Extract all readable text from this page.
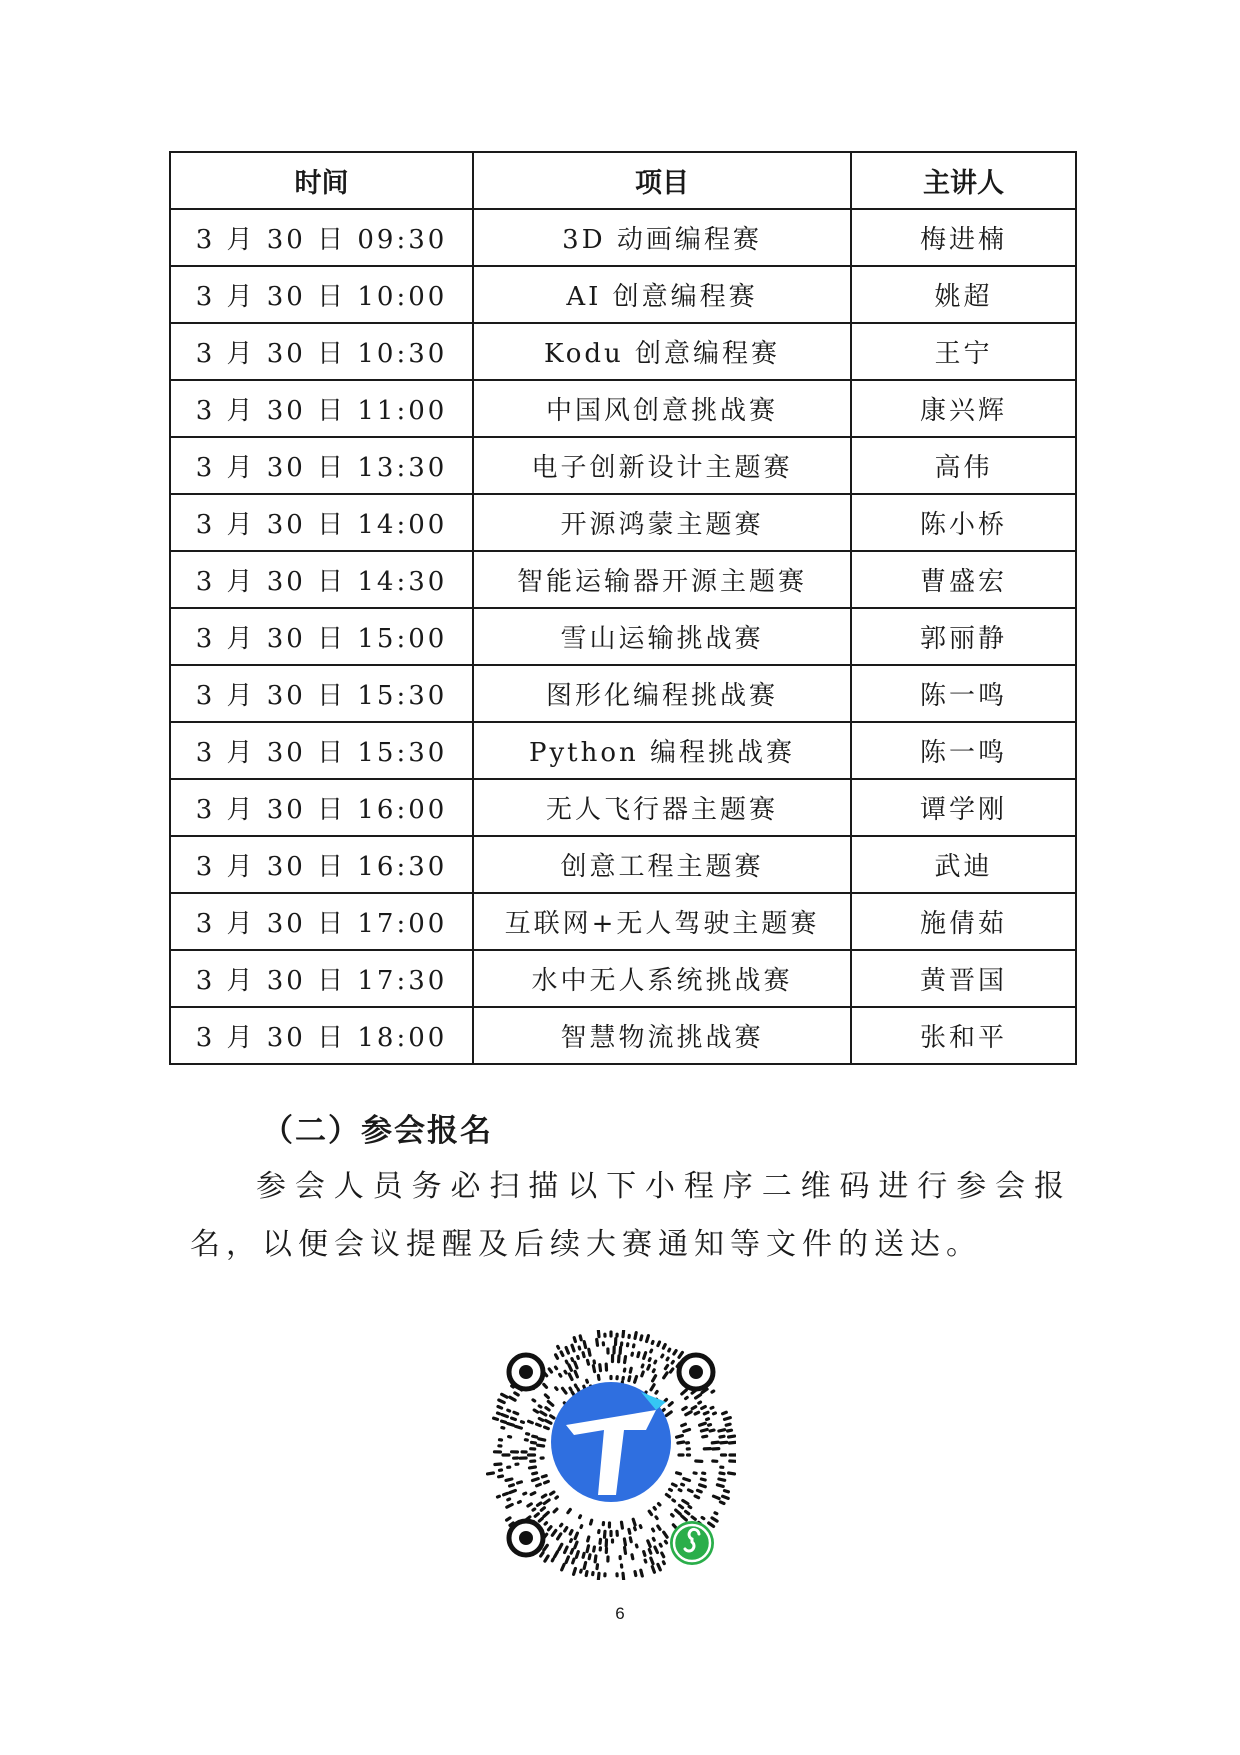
时间	项目	主讲人
3 月 30 日 09:30	3D 动画编程赛	梅进楠
3 月 30 日 10:00	AI 创意编程赛	姚超
3 月 30 日 10:30	Kodu 创意编程赛	王宁
3 月 30 日 11:00	中国风创意挑战赛	康兴辉
3 月 30 日 13:30	电子创新设计主题赛	高伟
3 月 30 日 14:00	开源鸿蒙主题赛	陈小桥
3 月 30 日 14:30	智能运输器开源主题赛	曹盛宏
3 月 30 日 15:00	雪山运输挑战赛	郭丽静
3 月 30 日 15:30	图形化编程挑战赛	陈一鸣
3 月 30 日 15:30	Python 编程挑战赛	陈一鸣
3 月 30 日 16:00	无人飞行器主题赛	谭学刚
3 月 30 日 16:30	创意工程主题赛	武迪
3 月 30 日 17:00	互联网+无人驾驶主题赛	施倩茹
3 月 30 日 17:30	水中无人系统挑战赛	黄晋国
3 月 30 日 18:00	智慧物流挑战赛	张和平
（二）参会报名
参会人员务必扫描以下小程序二维码进行参会报名，以便会议提醒及后续大赛通知等文件的送达。
6
